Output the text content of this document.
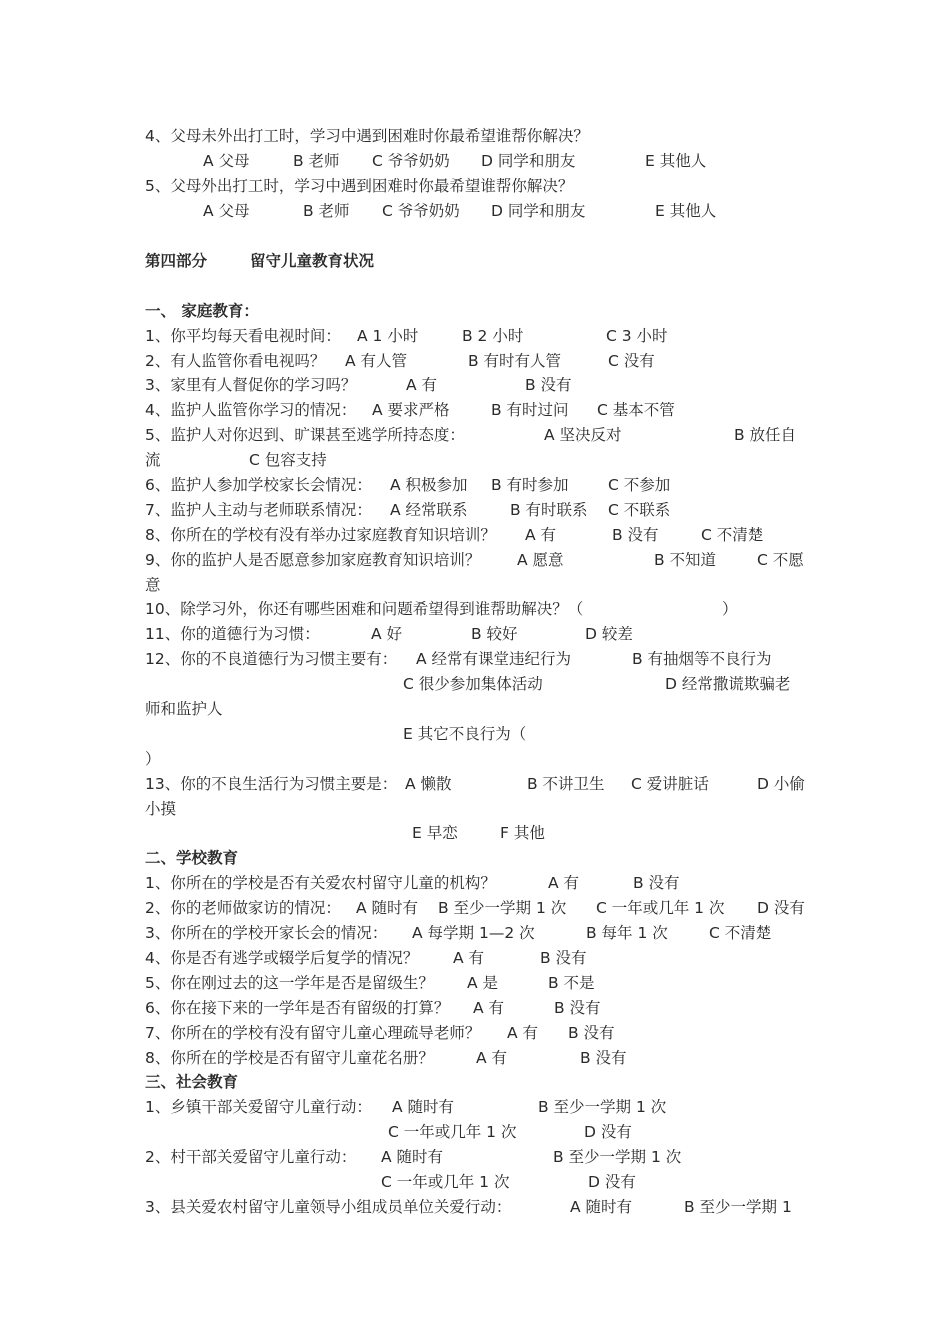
4、父母未外出打工时，学习中遇到困难时你最希望谁帮你解决？
A 父母	B 老师 C 爷爷奶奶 D 同学和朋友	E 其他人
5、父母外出打工时，学习中遇到困难时你最希望谁帮你解决？
A 父母	B 老师 C 爷爷奶奶 D 同学和朋友	E 其他人
第四部分	留守儿童教育状况
一、 家庭教育：
1、你平均每天看电视时间： A 1 小时	B 2 小时	C 3 小时
2、有人监管你看电视吗？ A 有人管	B 有时有人管	C 没有
3、家里有人督促你的学习吗？	A 有	B 没有
4、监护人监管你学习的情况： A 要求严格	B 有时过问 C 基本不管
5、监护人对你迟到、旷课甚至逃学所持态度：	A 坚决反对	B 放任自
流	C 包容支持
6、监护人参加学校家长会情况： A 积极参加 B 有时参加	C 不参加
7、监护人主动与老师联系情况： A 经常联系	B 有时联系 C 不联系
8、你所在的学校有没有举办过家庭教育知识培训？ A 有	B 没有	C 不清楚
9、你的监护人是否愿意参加家庭教育知识培训？ A 愿意	B 不知道	C 不愿
意
10、除学习外，你还有哪些困难和问题希望得到谁帮助解决？（	）
11、你的道德行为习惯：	A 好	B 较好	D 较差
12、你的不良道德行为习惯主要有： A 经常有课堂违纪行为	B 有抽烟等不良行为
C 很少参加集体活动	D 经常撒谎欺骗老
师和监护人
E 其它不良行为（
）
13、你的不良生活行为习惯主要是： A 懒散	B 不讲卫生 C 爱讲脏话	D 小偷
小摸
E 早恋	F 其他
二、学校教育
1、你所在的学校是否有关爱农村留守儿童的机构？	A 有	B 没有
2、你的老师做家访的情况： A 随时有 B 至少一学期 1 次 C 一年或几年 1 次 D 没有
3、你所在的学校开家长会的情况： A 每学期 1—2 次	B 每年 1 次	C 不清楚
4、你是否有逃学或辍学后复学的情况？ A 有	B 没有
5、你在刚过去的这一学年是否是留级生？ A 是	B 不是
6、你在接下来的一学年是否有留级的打算？ A 有	B 没有
7、你所在的学校有没有留守儿童心理疏导老师？ A 有 B 没有
8、你所在的学校是否有留守儿童花名册？	A 有	B 没有
三、社会教育
1、乡镇干部关爱留守儿童行动： A 随时有	B 至少一学期 1 次
C 一年或几年 1 次	D 没有
2、村干部关爱留守儿童行动： A 随时有	B 至少一学期 1 次
C 一年或几年 1 次	D 没有
3、县关爱农村留守儿童领导小组成员单位关爱行动：	A 随时有	B 至少一学期 1
